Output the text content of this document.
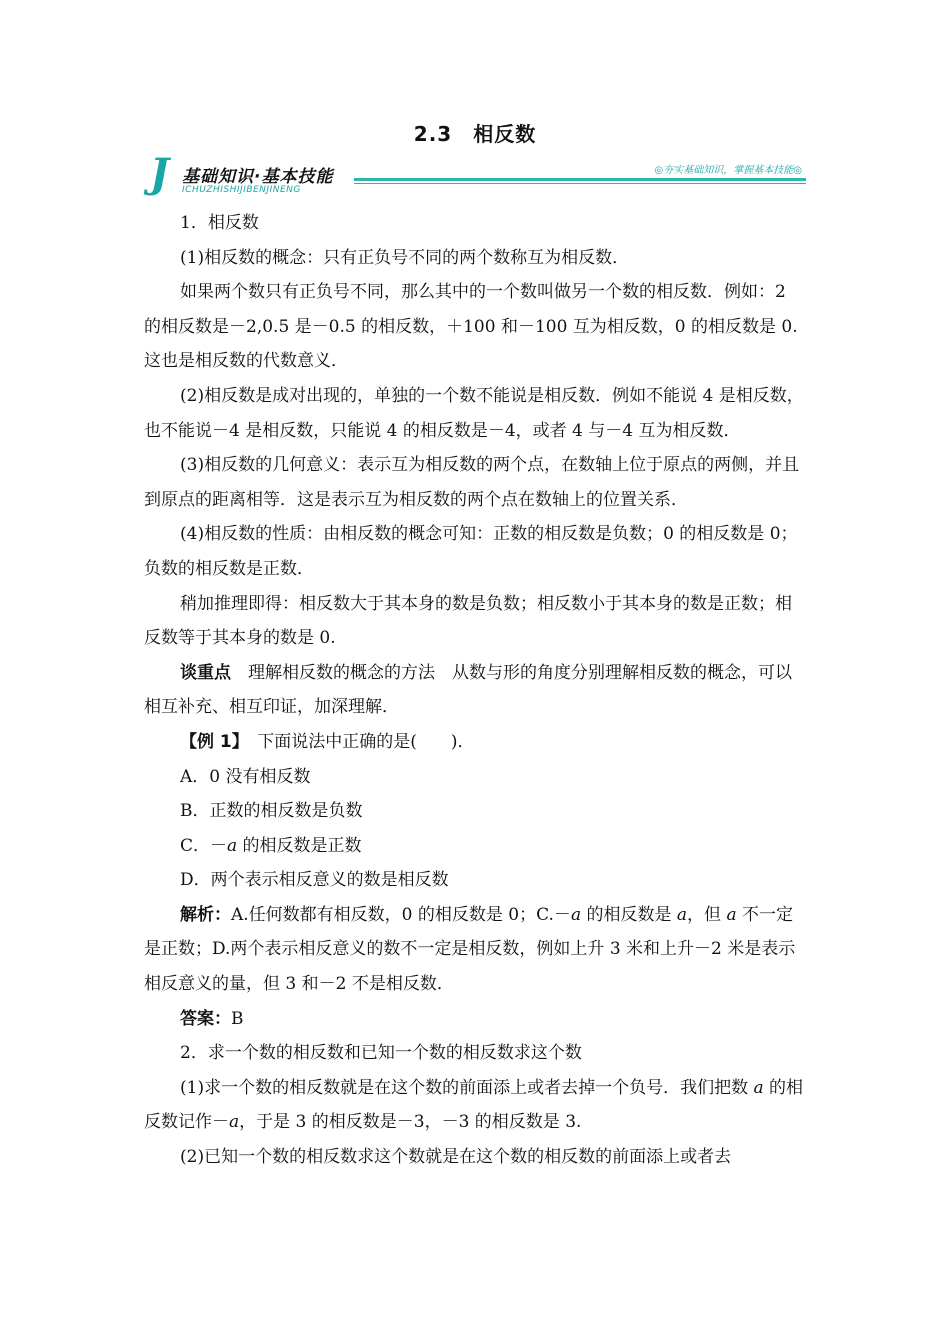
2.3　相反数
J 基础知识·基本技能
ICHUZHISHIJIBENJINENG
◎夯实基础知识，掌握基本技能◎

1．相反数

(1)相反数的概念：只有正负号不同的两个数称互为相反数．

如果两个数只有正负号不同，那么其中的一个数叫做另一个数的相反数．例如：2 的相反数是－2,0.5 是－0.5 的相反数，＋100 和－100 互为相反数，0 的相反数是 0.这也是相反数的代数意义．

(2)相反数是成对出现的，单独的一个数不能说是相反数．例如不能说 4 是相反数，也不能说－4 是相反数，只能说 4 的相反数是－4，或者 4 与－4 互为相反数．

(3)相反数的几何意义：表示互为相反数的两个点，在数轴上位于原点的两侧，并且到原点的距离相等．这是表示互为相反数的两个点在数轴上的位置关系．

(4)相反数的性质：由相反数的概念可知：正数的相反数是负数；0 的相反数是 0；负数的相反数是正数．

稍加推理即得：相反数大于其本身的数是负数；相反数小于其本身的数是正数；相反数等于其本身的数是 0.

谈重点　理解相反数的概念的方法　从数与形的角度分别理解相反数的概念，可以相互补充、相互印证，加深理解．

【例 1】　下面说法中正确的是(　　)．

A．0 没有相反数

B．正数的相反数是负数

C．－a 的相反数是正数

D．两个表示相反意义的数是相反数

解析：A.任何数都有相反数，0 的相反数是 0；C.－a 的相反数是 a，但 a 不一定是正数；D.两个表示相反意义的数不一定是相反数，例如上升 3 米和上升－2 米是表示相反意义的量，但 3 和－2 不是相反数．

答案：B

2．求一个数的相反数和已知一个数的相反数求这个数

(1)求一个数的相反数就是在这个数的前面添上或者去掉一个负号．我们把数 a 的相反数记作－a，于是 3 的相反数是－3，－3 的相反数是 3.

(2)已知一个数的相反数求这个数就是在这个数的相反数的前面添上或者去
